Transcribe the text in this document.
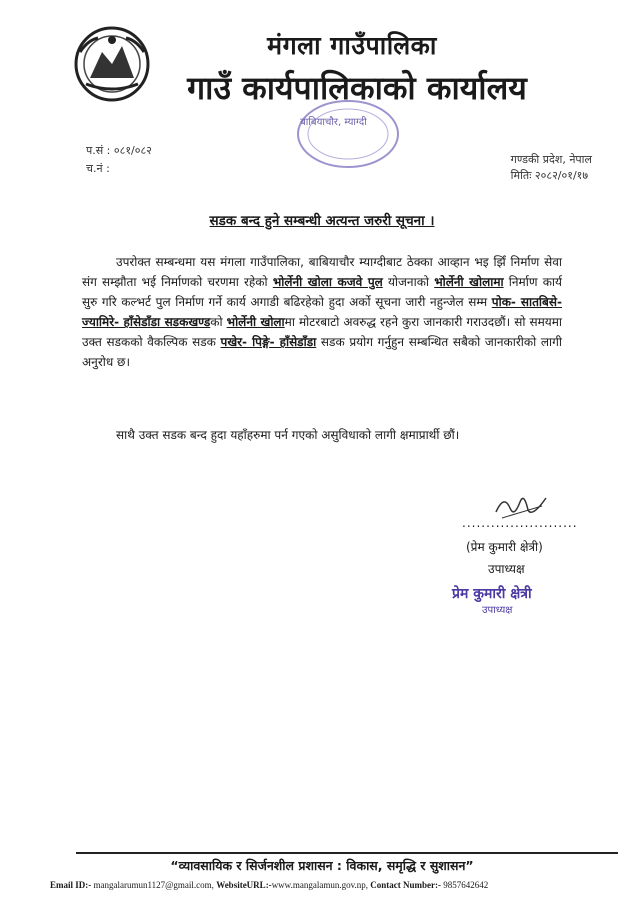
मंगला गाउँपालिका
गाउँ कार्यपालिकाको कार्यालय
बाबियाचौर, म्याग्दी
प.सं : ०८१/०८२
च.नं :
गण्डकी प्रदेश, नेपाल
मितिः २०८२/०१/१७
सडक बन्द हुने सम्बन्धी अत्यन्त जरुरी सूचना ।
उपरोक्त सम्बन्धमा यस मंगला गाउँपालिका, बाबियाचौर म्याग्दीबाट ठेक्का आव्हान भइ झिँ निर्माण सेवा संग सम्झौता भई निर्माणको चरणमा रहेको भोर्लेनी खोला कजवे पुल योजनाको भोर्लेनी खोलामा निर्माण कार्य सुरु गरि कल्भर्ट पुल निर्माण गर्ने कार्य अगाडी बढिरहेको हुदा अर्को सूचना जारी नहुन्जेल सम्म पोक- सातबिसे- ज्यामिरे- हाँसेडाँडा सडकखण्डको भोर्लेनी खोलामा मोटरबाटो अवरुद्ध रहने कुरा जानकारी गराउदछौं। सो समयमा उक्त सडकको वैकल्पिक सडक पखेर- पिङ्गे- हाँसेडाँडा सडक प्रयोग गर्नुहुन सम्बन्धित सबैको जानकारीको लागी अनुरोध छ।
साथै उक्त सडक बन्द हुदा यहाँहरुमा पर्न गएको असुविधाको लागी क्षमाप्रार्थी छौं।
........................
(प्रेम कुमारी क्षेत्री)
उपाध्यक्ष
प्रेम कुमारी क्षेत्री
उपाध्यक्ष
“व्यावसायिक र सिर्जनशील प्रशासन : विकास, समृद्धि र सुशासन”
Email ID:- mangalarumun1127@gmail.com, WebsiteURL:-www.mangalamun.gov.np, Contact Number:- 9857642642
